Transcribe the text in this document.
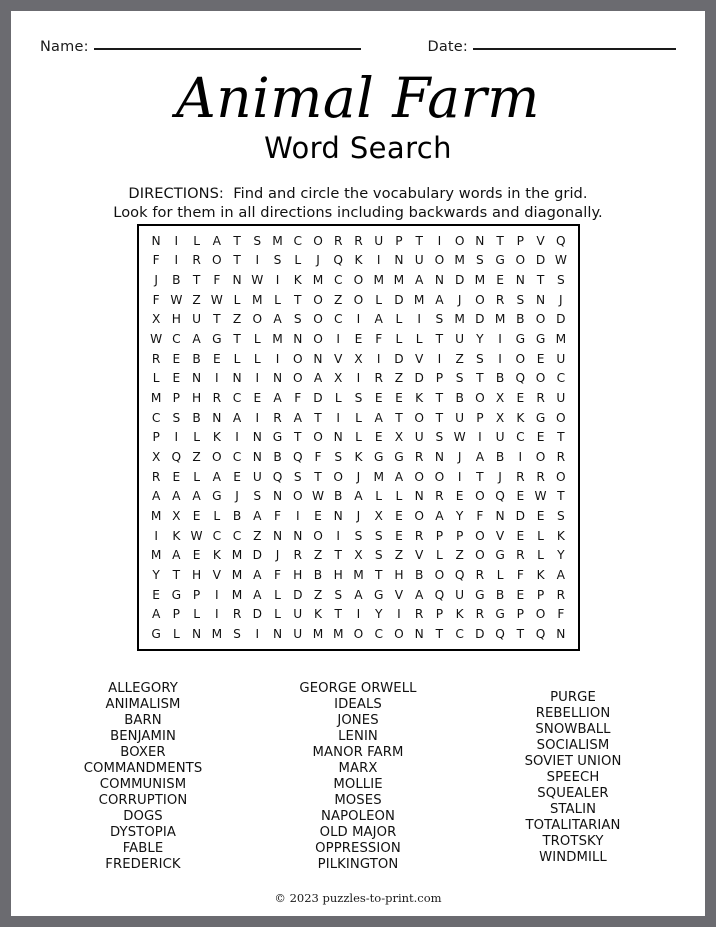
Name:	Date:
Animal Farm
Word Search
DIRECTIONS:  Find and circle the vocabulary words in the grid.
Look for them in all directions including backwards and diagonally.
N	I	L	A	T	S	M	C	O	R	R	U	P	T	I	O	N	T	P	V	Q
F	I	R	O	T	I	S	L	J	Q	K	I	N	U	O	M	S	G	O	D	W
J	B	T	F	N	W	I	K	M	C	O	M	M	A	N	D	M	E	N	T	S
F	W	Z	W	L	M	L	T	O	Z	O	L	D	M	A	J	O	R	S	N	J
X	H	U	T	Z	O	A	S	O	C	I	A	L	I	S	M	D	M	B	O	D
W	C	A	G	T	L	M	N	O	I	E	F	L	L	T	U	Y	I	G	G	M
R	E	B	E	L	L	I	O	N	V	X	I	D	V	I	Z	S	I	O	E	U
L	E	N	I	N	I	N	O	A	X	I	R	Z	D	P	S	T	B	Q	O	C
M	P	H	R	C	E	A	F	D	L	S	E	E	K	T	B	O	X	E	R	U
C	S	B	N	A	I	R	A	T	I	L	A	T	O	T	U	P	X	K	G	O
P	I	L	K	I	N	G	T	O	N	L	E	X	U	S	W	I	U	C	E	T
X	Q	Z	O	C	N	B	Q	F	S	K	G	G	R	N	J	A	B	I	O	R
R	E	L	A	E	U	Q	S	T	O	J	M	A	O	O	I	T	J	R	R	O
A	A	A	G	J	S	N	O	W	B	A	L	L	N	R	E	O	Q	E	W	T
M	X	E	L	B	A	F	I	E	N	J	X	E	O	A	Y	F	N	D	E	S
I	K	W	C	C	Z	N	N	O	I	S	S	E	R	P	P	O	V	E	L	K
M	A	E	K	M	D	J	R	Z	T	X	S	Z	V	L	Z	O	G	R	L	Y
Y	T	H	V	M	A	F	H	B	H	M	T	H	B	O	Q	R	L	F	K	A
E	G	P	I	M	A	L	D	Z	S	A	G	V	A	Q	U	G	B	E	P	R
A	P	L	I	R	D	L	U	K	T	I	Y	I	R	P	K	R	G	P	O	F
G	L	N	M	S	I	N	U	M	M	O	C	O	N	T	C	D	Q	T	Q	N
ALLEGORY
ANIMALISM
BARN
BENJAMIN
BOXER
COMMANDMENTS
COMMUNISM
CORRUPTION
DOGS
DYSTOPIA
FABLE
FREDERICK
GEORGE ORWELL
IDEALS
JONES
LENIN
MANOR FARM
MARX
MOLLIE
MOSES
NAPOLEON
OLD MAJOR
OPPRESSION
PILKINGTON
PURGE
REBELLION
SNOWBALL
SOCIALISM
SOVIET UNION
SPEECH
SQUEALER
STALIN
TOTALITARIAN
TROTSKY
WINDMILL
© 2023 puzzles-to-print.com
